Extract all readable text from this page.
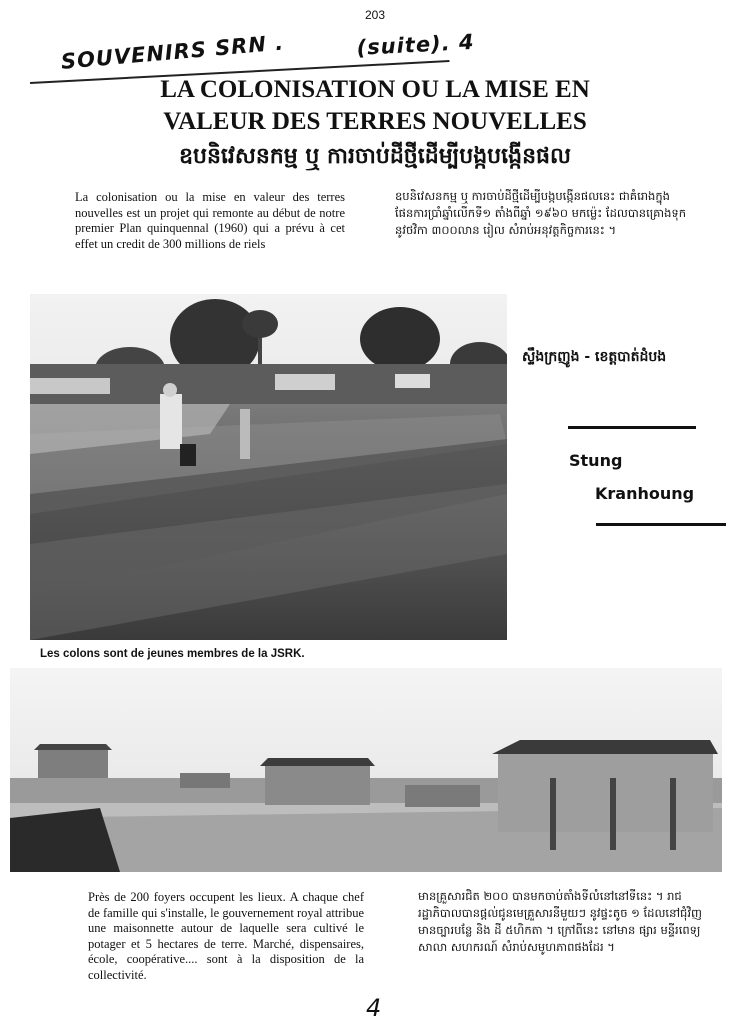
203
SOUVENIRS SRN .	(suite). 4
LA COLONISATION OU LA MISE EN
VALEUR DES TERRES NOUVELLES
ឧបនិវេសនកម្ម ឬ ការចាប់ដីថ្មីដើម្បីបង្កបង្កើនផល
La colonisation ou la mise en valeur des terres nouvelles est un projet qui remonte au début de notre premier Plan quinquennal (1960) qui a prévu à cet effet un credit de 300 millions de riels
ឧបនិវេសនកម្ម ឬ ការចាប់ដីថ្មីដើម្បីបង្កបង្កើនផលនេះ ជាគំរោងក្នុងផែនការប្រាំឆ្នាំលើកទី១ តាំងពីឆ្នាំ ១៩៦០ មកម្ល៉េះ ដែលបានគ្រោងទុកនូវថវិកា ៣០០លាន រៀល សំរាប់អនុវត្តកិច្ចការនេះ ។
Les colons sont de jeunes membres de la JSRK.
ស្ទឹងក្រញូង - ខេត្តបាត់ដំបង
Stung
Kranhoung
Près de 200 foyers occupent les lieux. A chaque chef de famille qui s'installe, le gouvernement royal attribue une maisonnette autour de laquelle sera cultivé le potager et 5 hectares de terre. Marché, dispensaires, école, coopérative.... sont à la disposition de la collectivité.
មានគ្រួសារជិត ២០០ បានមកចាប់តាំងទីលំនៅនៅទីនេះ ។ រាជរដ្ឋាភិបាលបានផ្តល់ជូនមេគ្រួសារនីមួយៗ នូវផ្ទះតូច ១ ដែលនៅជុំវិញមានច្បារបន្លែ និង ដី ៥ហិកតា ។ ក្រៅពីនេះ នៅមាន ផ្សារ មន្ទីរពេទ្យ សាលា សហករណ៍ សំរាប់សមូហភាពផងដែរ ។
4
